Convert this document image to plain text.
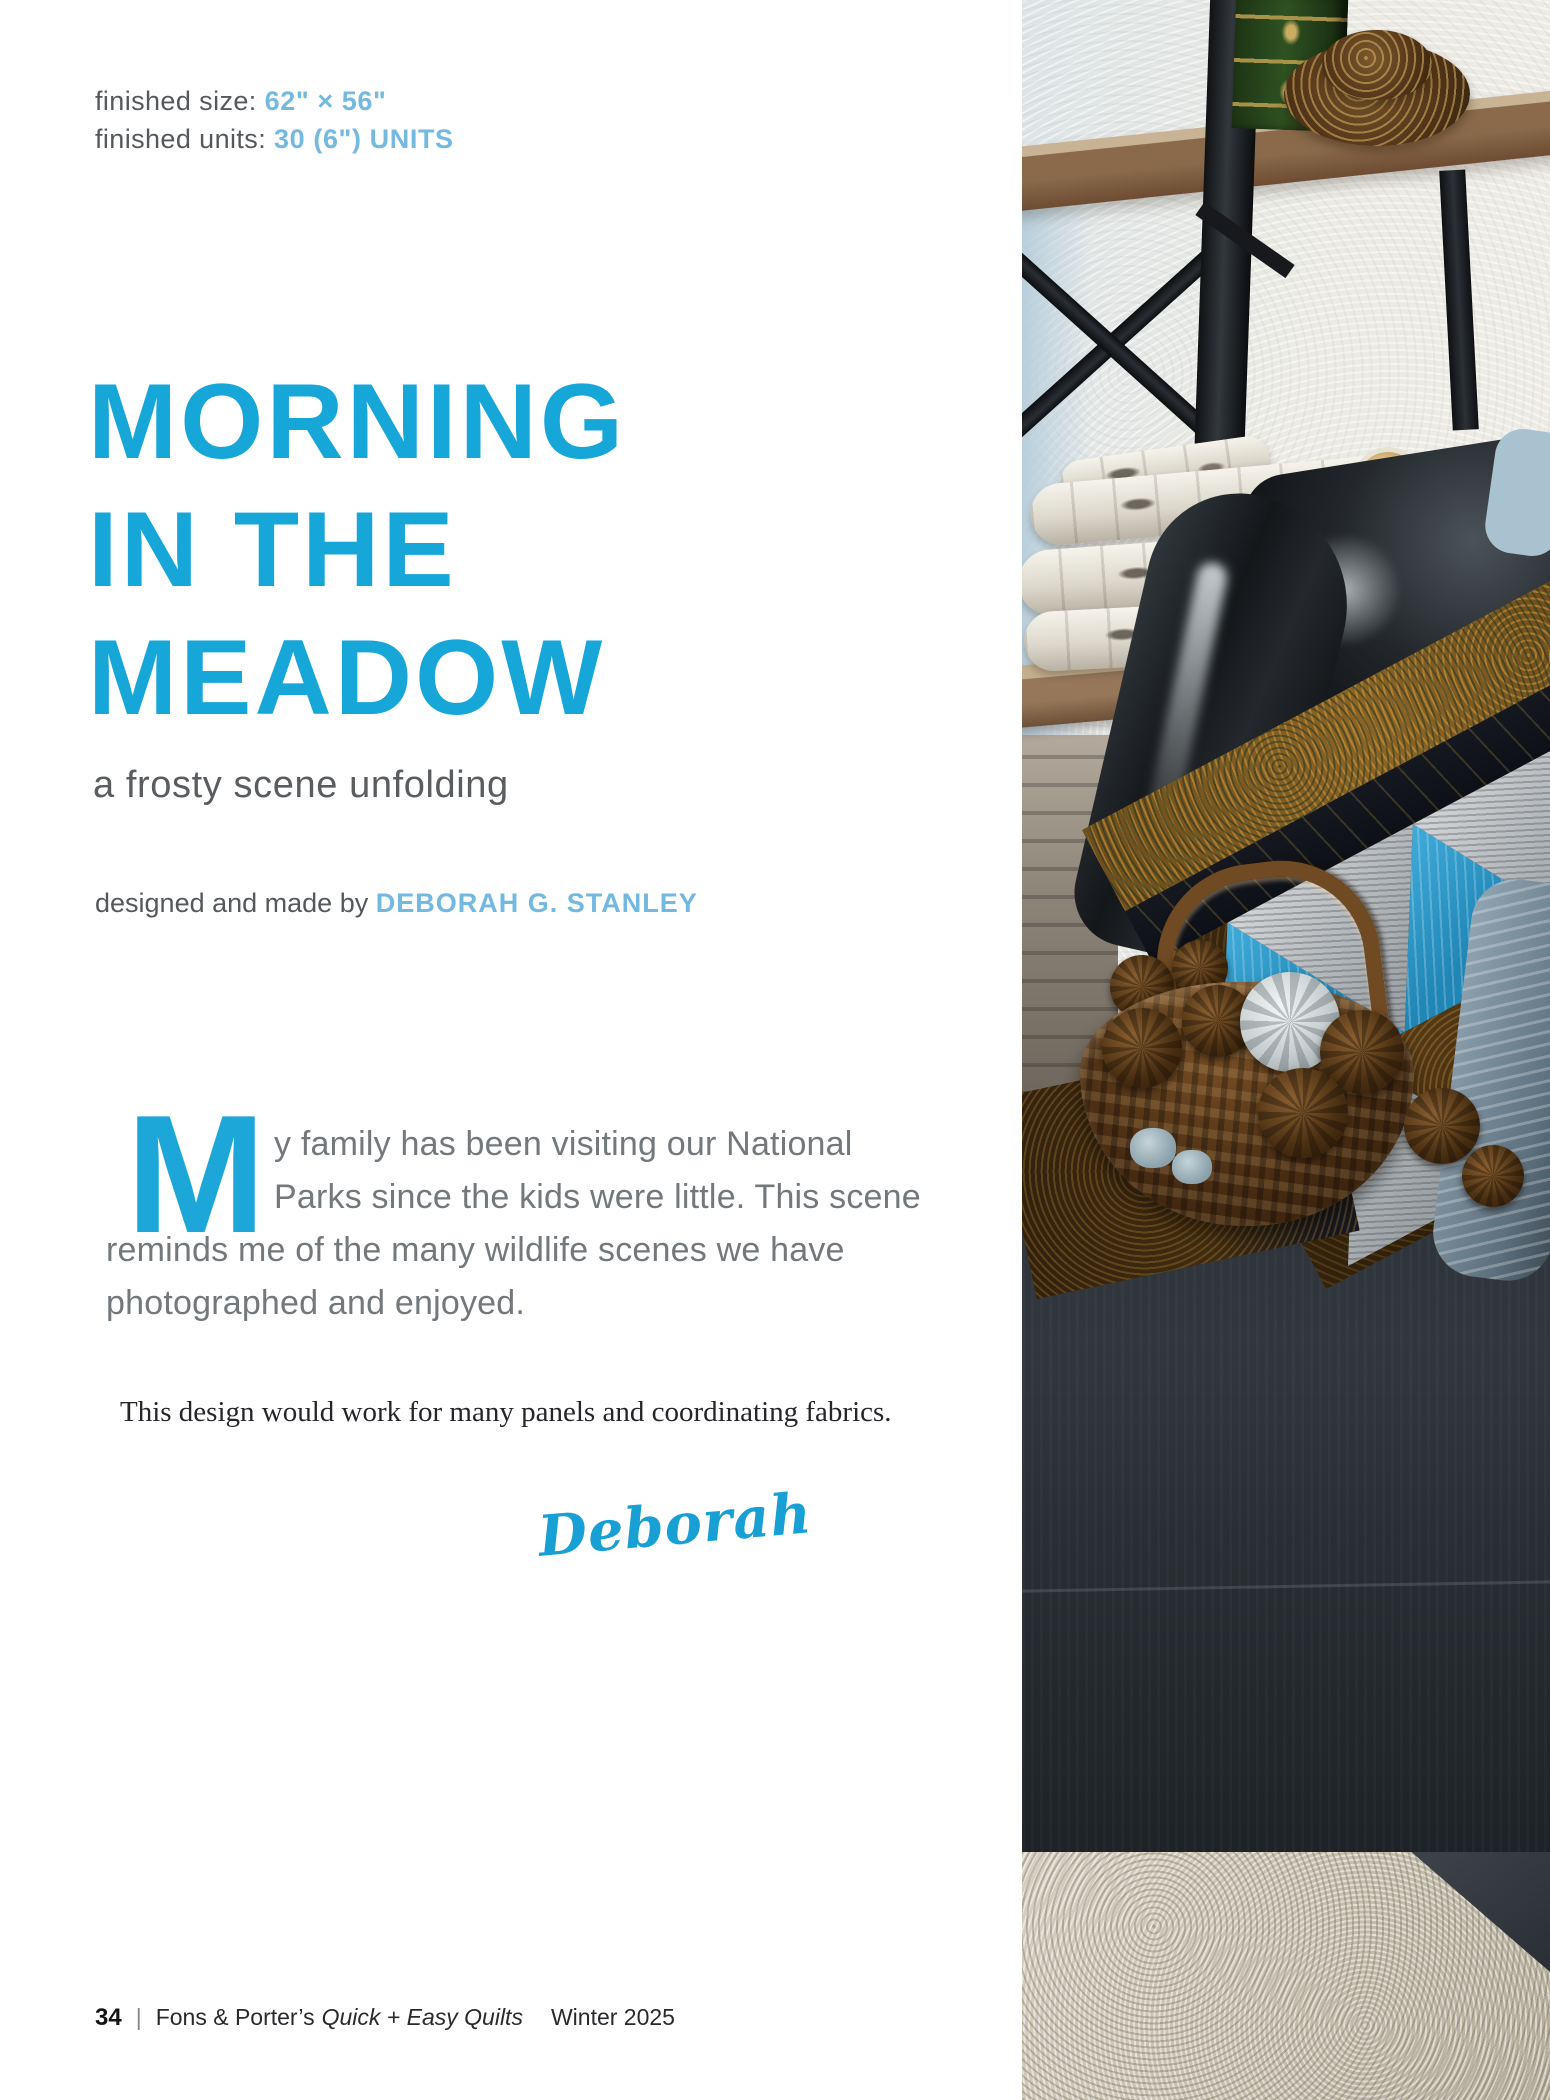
finished size: 62" × 56"
finished units: 30 (6") UNITS
MORNING
IN THE
MEADOW
a frosty scene unfolding
designed and made by DEBORAH G. STANLEY
M y family has been visiting our National
Parks since the kids were little. This scene
reminds me of the many wildlife scenes we have
photographed and enjoyed.
This design would work for many panels and coordinating fabrics.
Deborah
34 | Fons & Porter’s Quick + Easy Quilts Winter 2025
